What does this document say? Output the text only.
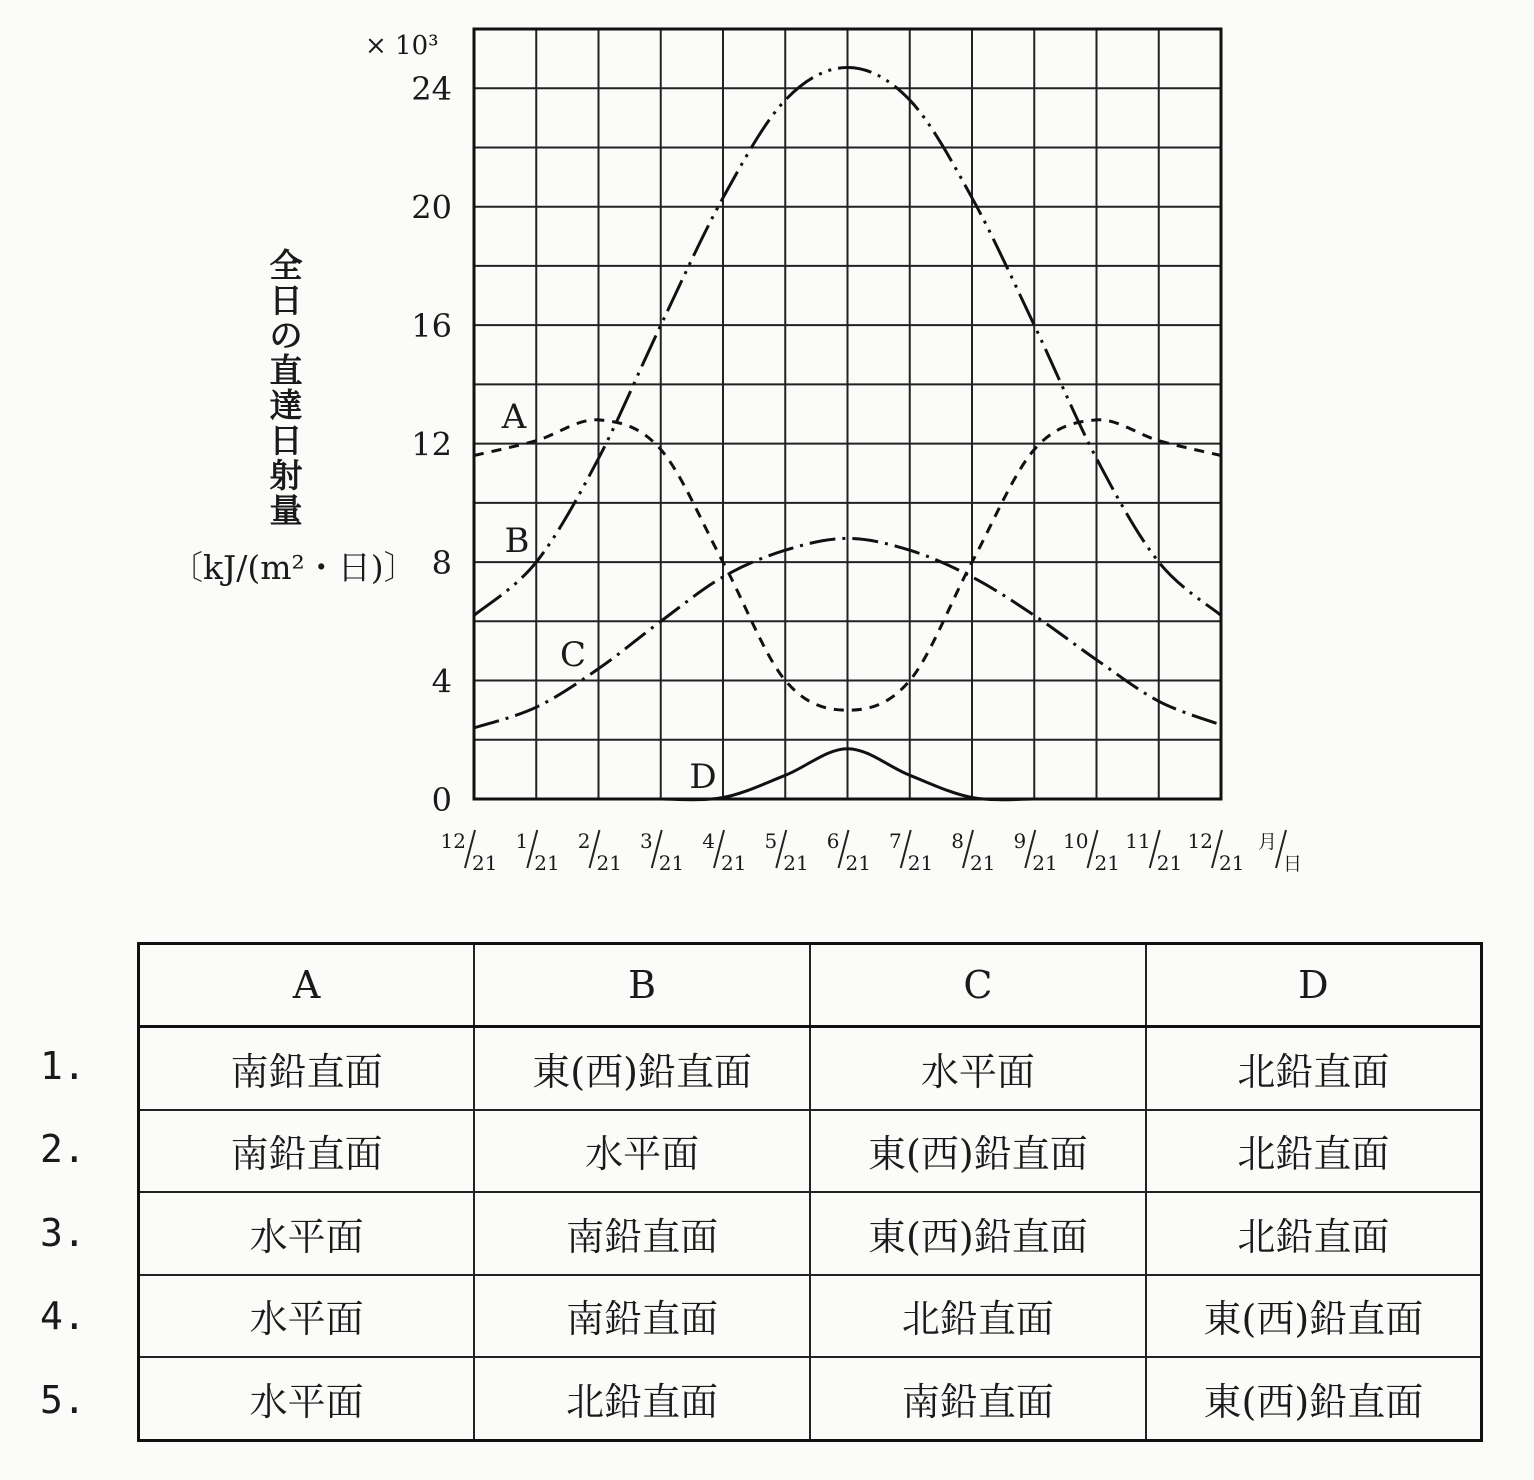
0
4
8
12
16
20
24
× 10³
12
21
1
21
2
21
3
21
4
21
5
21
6
21
7
21
8
21
9
21
10
21
11
21
12
21
月
日
A
B
C
D
全
日
の
直
達
日
射
量
〔kJ/(m²・日)〕
1.
2.
3.
4.
5.
A	B	C	D
南鉛直面	東(西)鉛直面	水平面	北鉛直面
南鉛直面	水平面	東(西)鉛直面	北鉛直面
水平面	南鉛直面	東(西)鉛直面	北鉛直面
水平面	南鉛直面	北鉛直面	東(西)鉛直面
水平面	北鉛直面	南鉛直面	東(西)鉛直面
